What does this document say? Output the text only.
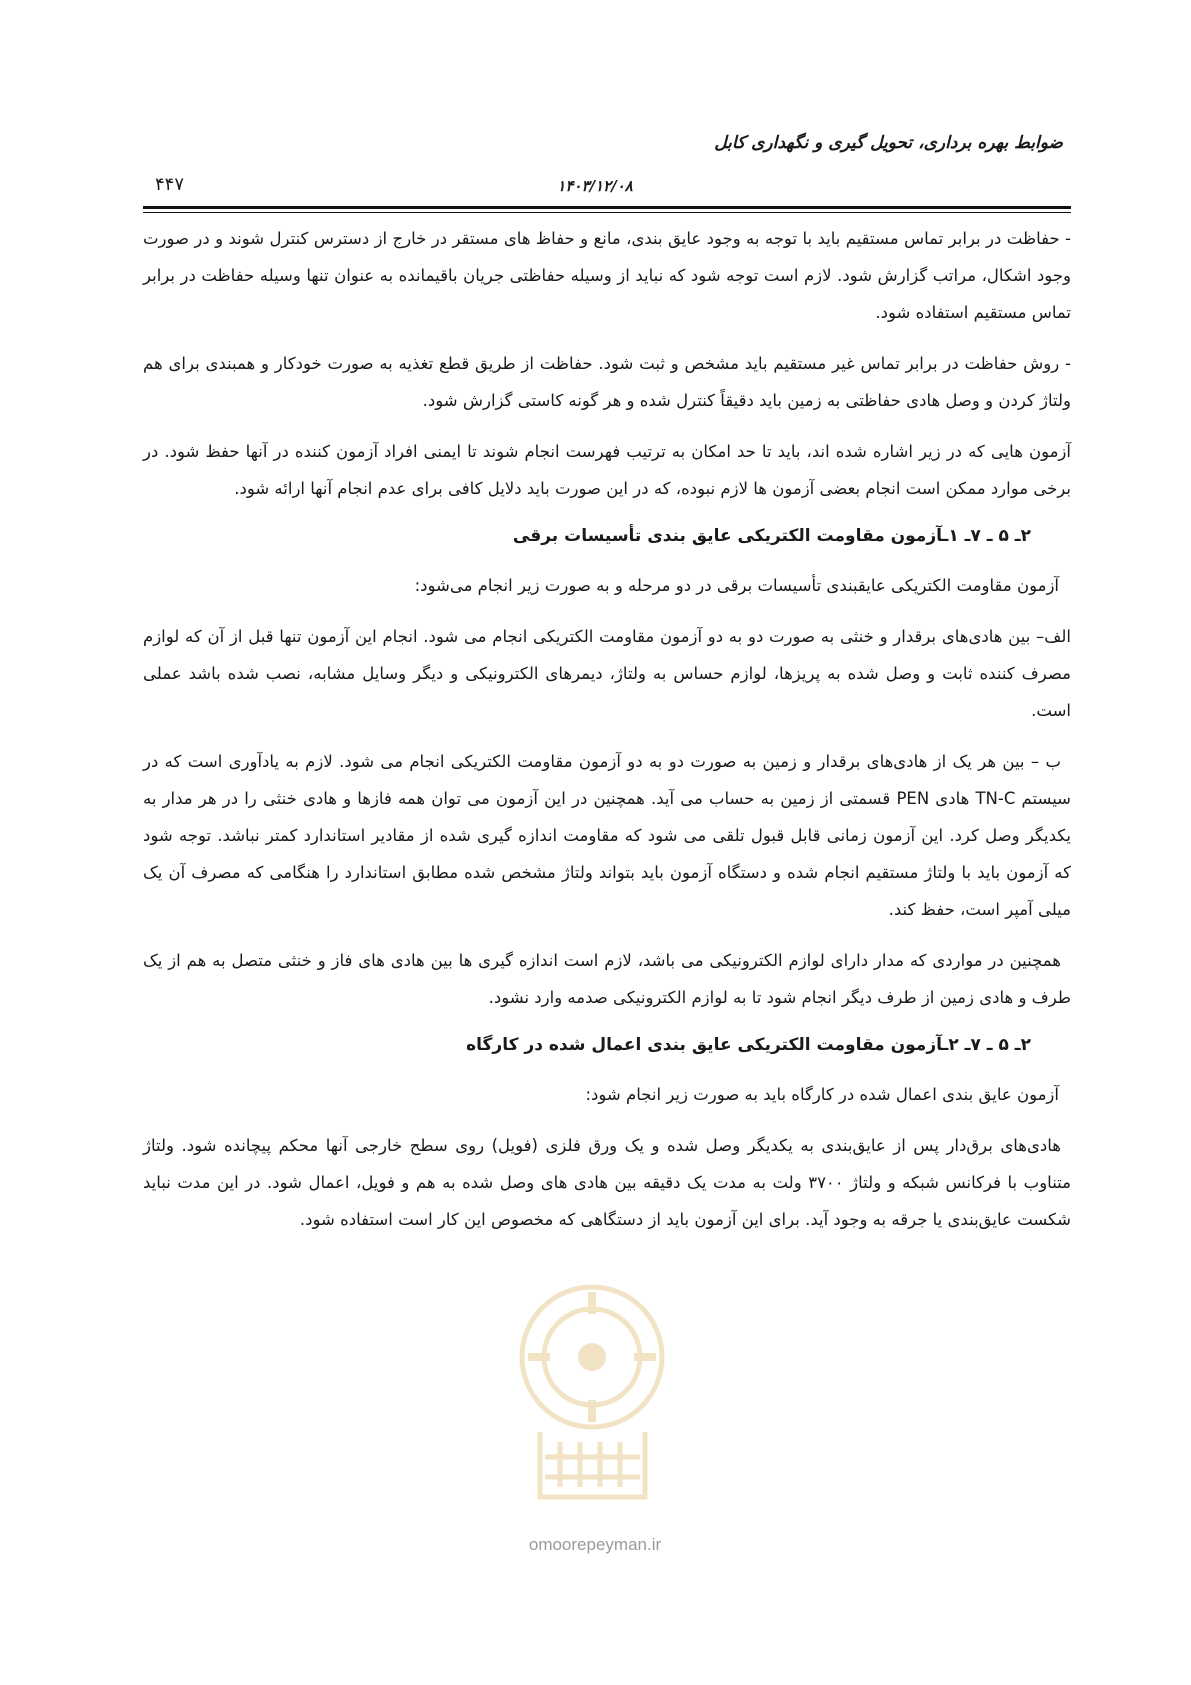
ضوابط بهره برداری، تحویل گیری و نگهداری کابل
۴۴۷	۱۴۰۳/۱۲/۰۸

- حفاظت در برابر تماس مستقیم باید با توجه به وجود عایق بندی، مانع و حفاظ های مستقر در خارج از دسترس کنترل شوند و در صورت وجود اشکال، مراتب گزارش شود. لازم است توجه شود که نباید از وسیله حفاظتی جریان باقیمانده به عنوان تنها وسیله حفاظت در برابر تماس مستقیم استفاده شود.

- روش حفاظت در برابر تماس غیر مستقیم باید مشخص و ثبت شود. حفاظت از طریق قطع تغذیه به صورت خودکار و همبندی برای هم ولتاژ کردن و وصل هادی حفاظتی به زمین باید دقیقاً کنترل شده و هر گونه کاستی گزارش شود.

آزمون هایی که در زیر اشاره شده اند، باید تا حد امکان به ترتیب فهرست انجام شوند تا ایمنی افراد آزمون کننده در آنها حفظ شود. در برخی موارد ممکن است انجام بعضی آزمون ها لازم نبوده، که در این صورت باید دلایل کافی برای عدم انجام آنها ارائه شود.

۲ـ ۵ ـ ۷ـ ۱ـآزمون مقاومت الکتریکی عایق بندی تأسیسات برقی

آزمون مقاومت الکتریکی عایقبندی تأسیسات برقی در دو مرحله و به صورت زیر انجام می‌شود:

الف– بین هادی‌های برقدار و خنثی به صورت دو به دو آزمون مقاومت الکتریکی انجام می شود. انجام این آزمون تنها قبل از آن که لوازم مصرف کننده ثابت و وصل شده به پریزها، لوازم حساس به ولتاژ، دیمرهای الکترونیکی و دیگر وسایل مشابه، نصب شده باشد عملی است.

ب – بین هر یک از هادی‌های برقدار و زمین به صورت دو به دو آزمون مقاومت الکتریکی انجام می شود. لازم به یادآوری است که در سیستم TN-C هادی PEN قسمتی از زمین به حساب می آید. همچنین در این آزمون می توان همه فازها و هادی خنثی را در هر مدار به یکدیگر وصل کرد. این آزمون زمانی قابل قبول تلقی می شود که مقاومت اندازه گیری شده از مقادیر استاندارد کمتر نباشد. توجه شود که آزمون باید با ولتاژ مستقیم انجام شده و دستگاه آزمون باید بتواند ولتاژ مشخص شده مطابق استاندارد را هنگامی که مصرف آن یک میلی آمپر است، حفظ کند.

همچنین در مواردی که مدار دارای لوازم الکترونیکی می باشد، لازم است اندازه گیری ها بین هادی های فاز و خنثی متصل به هم از یک طرف و هادی زمین از طرف دیگر انجام شود تا به لوازم الکترونیکی صدمه وارد نشود.

۲ـ ۵ ـ ۷ـ ۲ـآزمون مقاومت الکتریکی عایق بندی اعمال شده در کارگاه

آزمون عایق بندی اعمال شده در کارگاه باید به صورت زیر انجام شود:

هادی‌های برق‌دار پس از عایق‌بندی به یکدیگر وصل شده و یک ورق فلزی (فویل) روی سطح خارجی آنها محکم پیچانده شود. ولتاژ متناوب با فرکانس شبکه و ولتاژ ۳۷۰۰ ولت به مدت یک دقیقه بین هادی های وصل شده به هم و فویل، اعمال شود. در این مدت نباید شکست عایق‌بندی یا جرقه به وجود آید. برای این آزمون باید از دستگاهی که مخصوص این کار است استفاده شود.

omoorepeyman.ir
